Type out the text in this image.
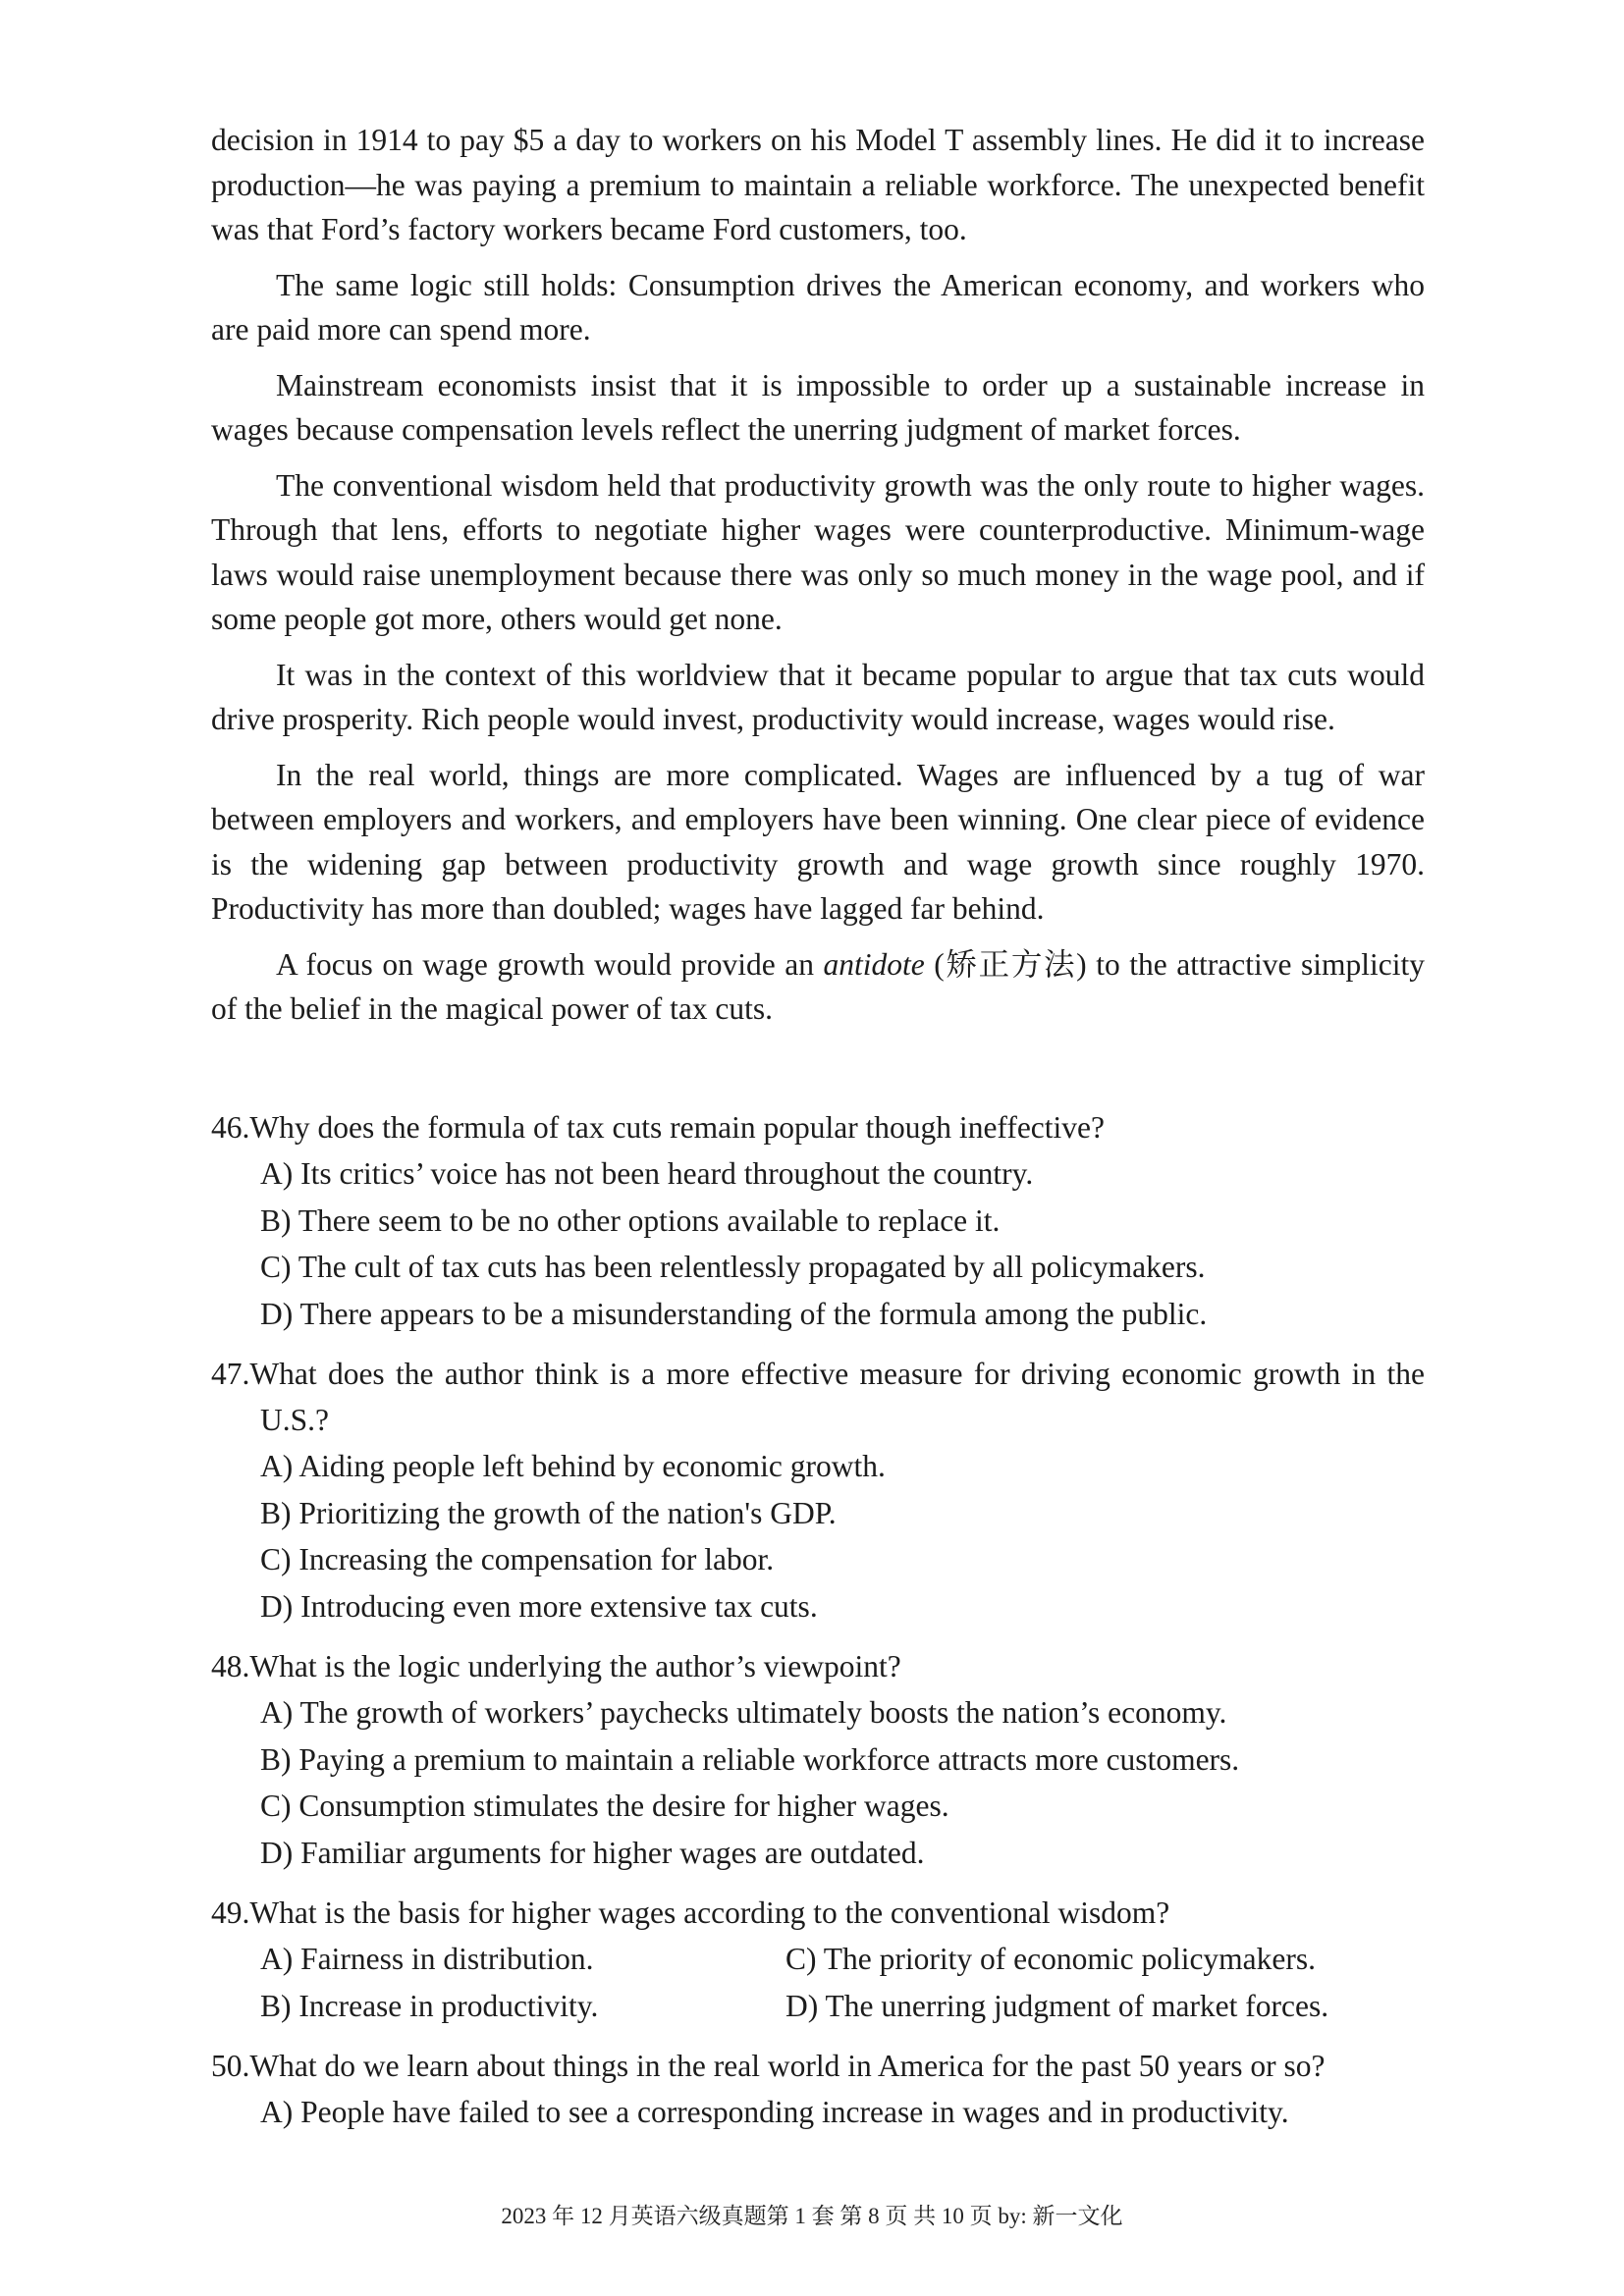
decision in 1914 to pay $5 a day to workers on his Model T assembly lines. He did it to increase production—he was paying a premium to maintain a reliable workforce. The unexpected benefit was that Ford’s factory workers became Ford customers, too.

The same logic still holds: Consumption drives the American economy, and workers who are paid more can spend more.

Mainstream economists insist that it is impossible to order up a sustainable increase in wages because compensation levels reflect the unerring judgment of market forces.

The conventional wisdom held that productivity growth was the only route to higher wages. Through that lens, efforts to negotiate higher wages were counterproductive. Minimum-wage laws would raise unemployment because there was only so much money in the wage pool, and if some people got more, others would get none.

It was in the context of this worldview that it became popular to argue that tax cuts would drive prosperity. Rich people would invest, productivity would increase, wages would rise.

In the real world, things are more complicated. Wages are influenced by a tug of war between employers and workers, and employers have been winning. One clear piece of evidence is the widening gap between productivity growth and wage growth since roughly 1970. Productivity has more than doubled; wages have lagged far behind.

A focus on wage growth would provide an antidote (矫正方法) to the attractive simplicity of the belief in the magical power of tax cuts.

46.Why does the formula of tax cuts remain popular though ineffective?

A) Its critics’ voice has not been heard throughout the country.

B) There seem to be no other options available to replace it.

C) The cult of tax cuts has been relentlessly propagated by all policymakers.

D) There appears to be a misunderstanding of the formula among the public.

47.What does the author think is a more effective measure for driving economic growth in the U.S.?

A) Aiding people left behind by economic growth.

B) Prioritizing the growth of the nation's GDP.

C) Increasing the compensation for labor.

D) Introducing even more extensive tax cuts.

48.What is the logic underlying the author’s viewpoint?

A) The growth of workers’ paychecks ultimately boosts the nation’s economy.

B) Paying a premium to maintain a reliable workforce attracts more customers.

C) Consumption stimulates the desire for higher wages.

D) Familiar arguments for higher wages are outdated.

49.What is the basis for higher wages according to the conventional wisdom?

A) Fairness in distribution.	C) The priority of economic policymakers.
B) Increase in productivity.	D) The unerring judgment of market forces.

50.What do we learn about things in the real world in America for the past 50 years or so?

A) People have failed to see a corresponding increase in wages and in productivity.

2023 年 12 月英语六级真题第 1 套 第 8 页 共 10 页 by: 新一文化
